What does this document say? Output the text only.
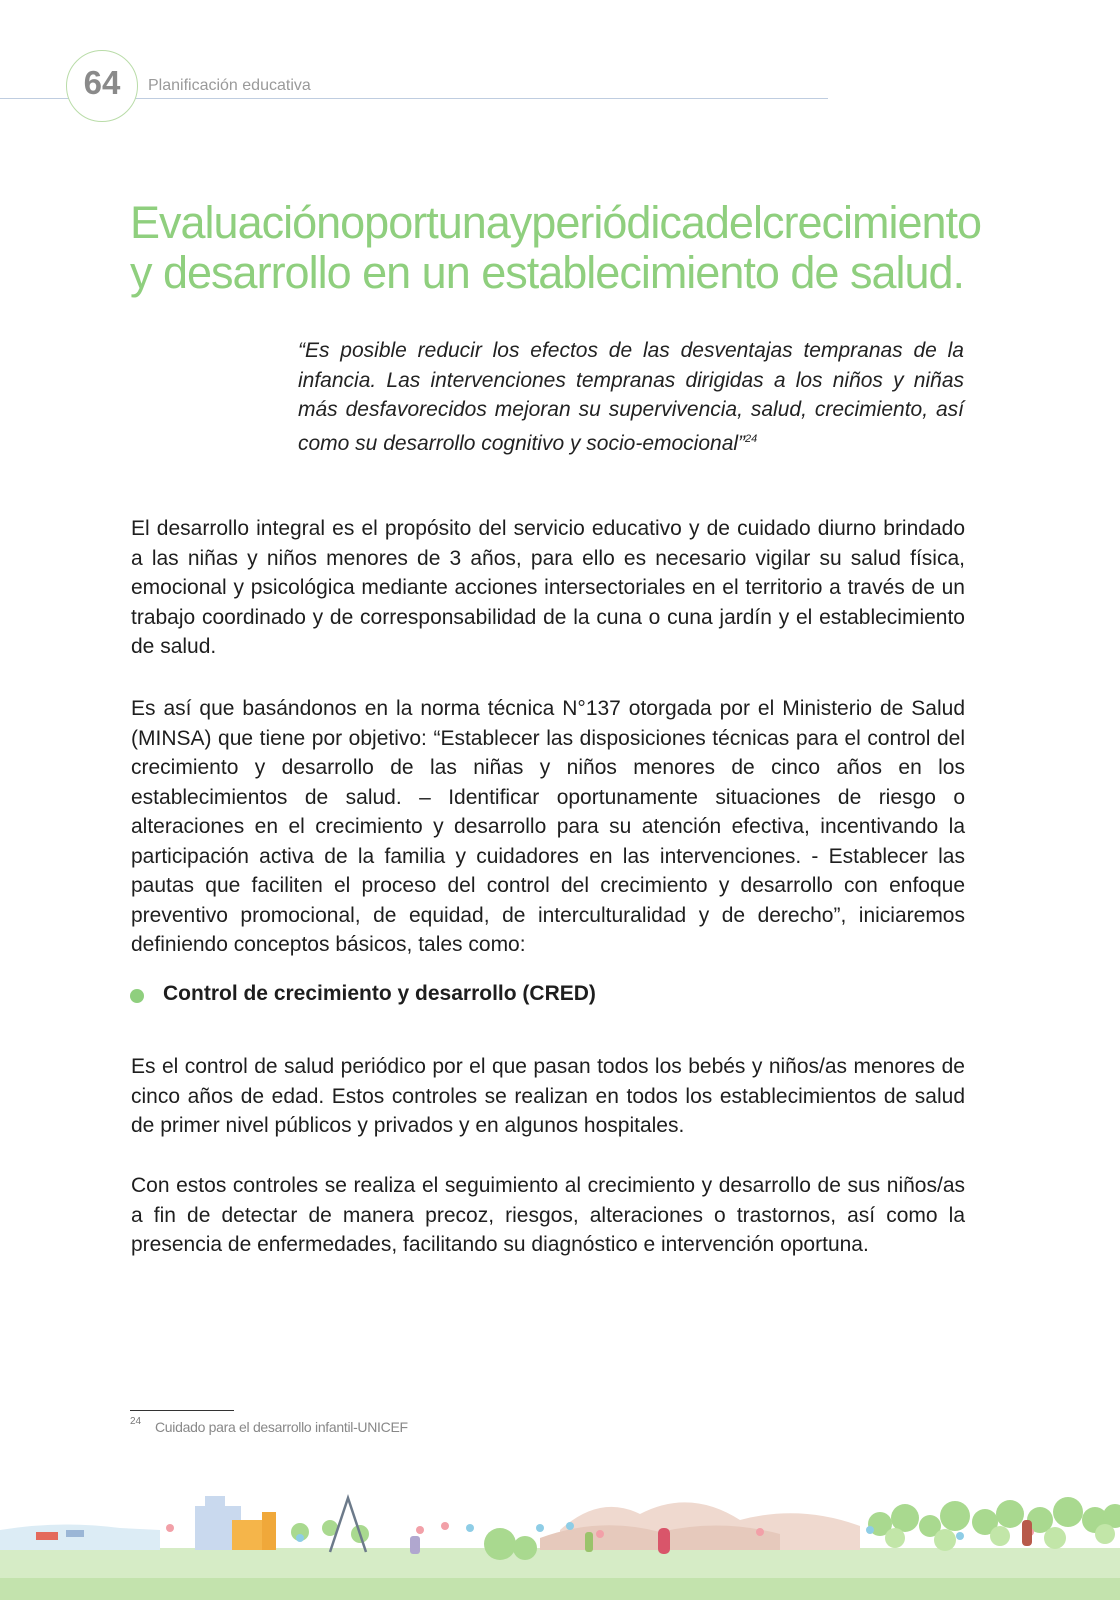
64	Planificación educativa
Evaluaciónoportunayperiódicadelcrecimiento
y desarrollo en un establecimiento de salud.

“Es posible reducir los efectos de las desventajas tempranas de la infancia. Las intervenciones tempranas dirigidas a los niños y niñas más desfavorecidos mejoran su supervivencia, salud, crecimiento, así como su desarrollo cognitivo y socio-emocional”$^{24}$

El desarrollo integral es el propósito del servicio educativo y de cuidado diurno brindado a las niñas y niños menores de 3 años, para ello es necesario vigilar su salud física, emocional y psicológica mediante acciones intersectoriales en el territorio a través de un trabajo coordinado y de corresponsabilidad de la cuna o cuna jardín y el establecimiento de salud.

Es así que basándonos en la norma técnica N°137 otorgada por el Ministerio de Salud (MINSA) que tiene por objetivo: “Establecer las disposiciones técnicas para el control del crecimiento y desarrollo de las niñas y niños menores de cinco años en los establecimientos de salud. – Identificar oportunamente situaciones de riesgo o alteraciones en el crecimiento y desarrollo para su atención efectiva, incentivando la participación activa de la familia y cuidadores en las intervenciones. - Establecer las pautas que faciliten el proceso del control del crecimiento y desarrollo con enfoque preventivo promocional, de equidad, de interculturalidad y de derecho”, iniciaremos definiendo conceptos básicos, tales como:

Control de crecimiento y desarrollo (CRED)

Es el control de salud periódico por el que pasan todos los bebés y niños/as menores de cinco años de edad. Estos controles se realizan en todos los establecimientos de salud de primer nivel públicos y privados y en algunos hospitales.

Con estos controles se realiza el seguimiento al crecimiento y desarrollo de sus niños/as a fin de detectar de manera precoz, riesgos, alteraciones o trastornos, así como la presencia de enfermedades, facilitando su diagnóstico e intervención oportuna.

24 Cuidado para el desarrollo infantil-UNICEF
